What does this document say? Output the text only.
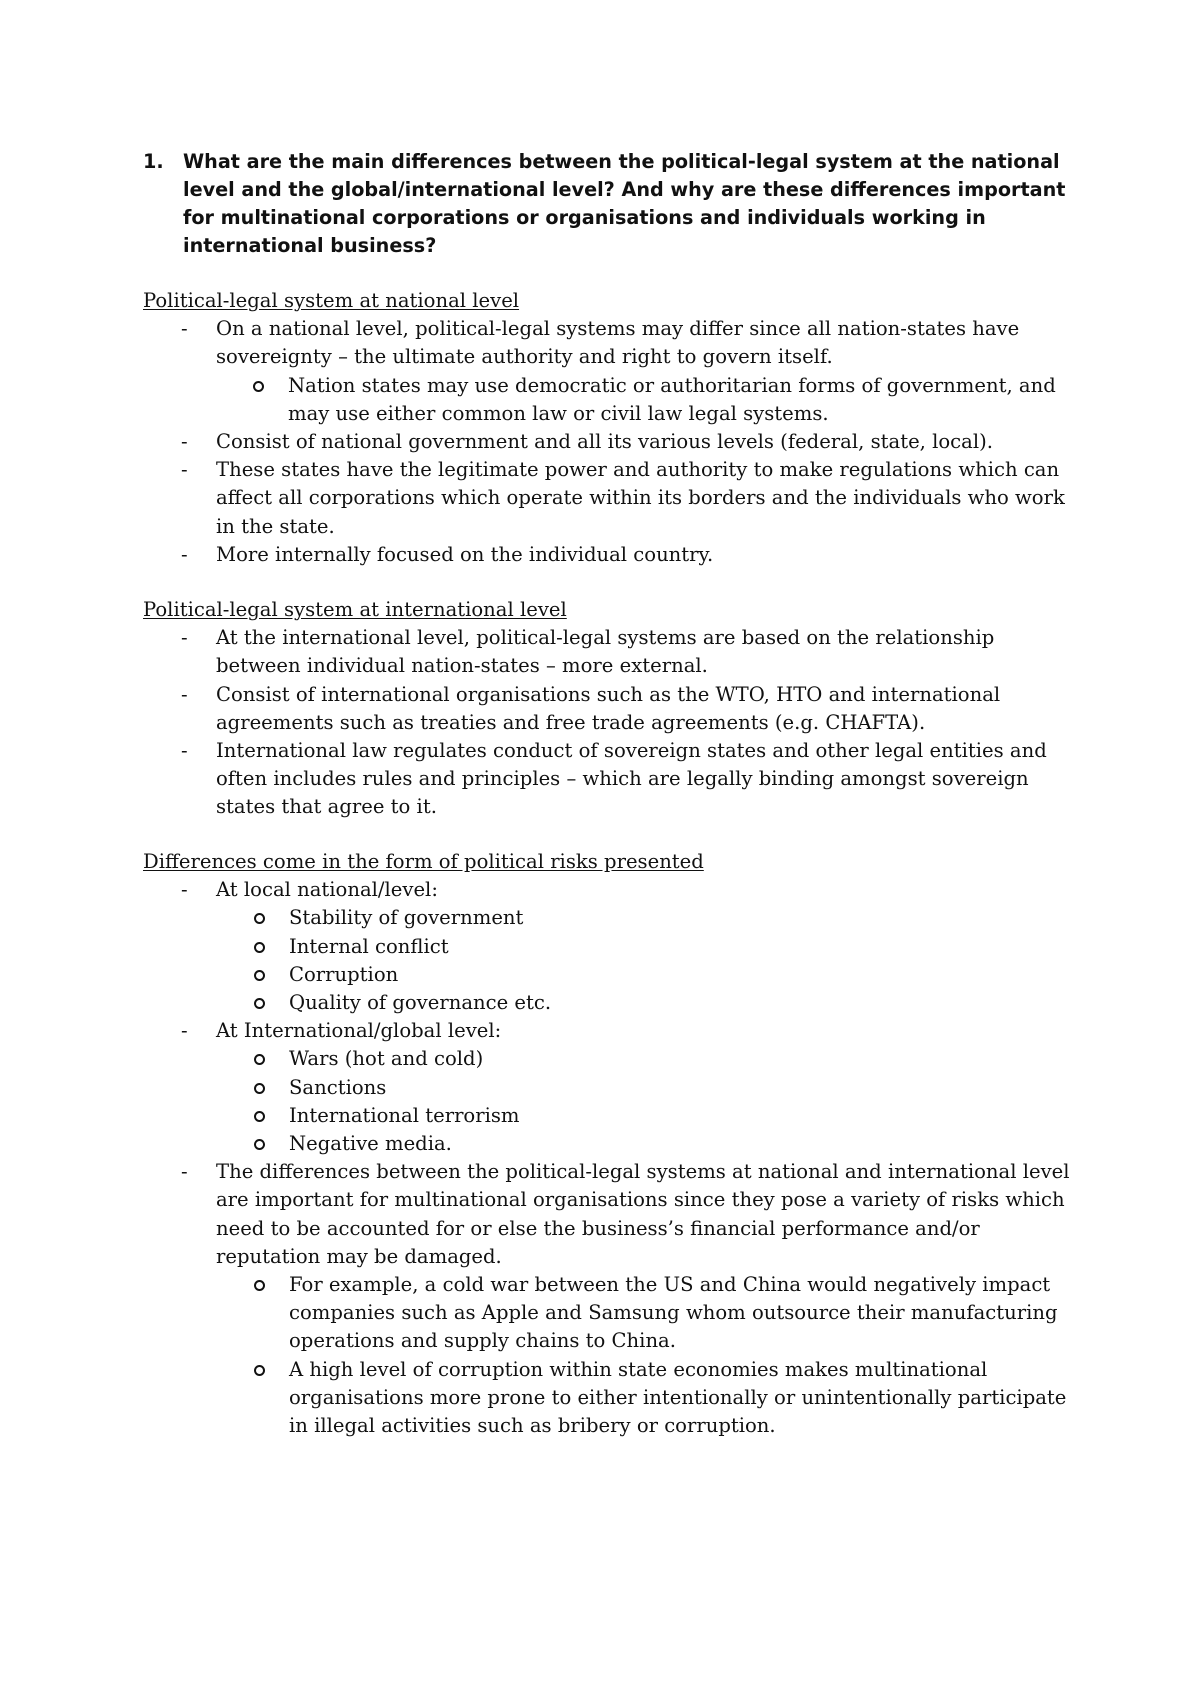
1. What are the main differences between the political-legal system at the national level and the global/international level? And why are these differences important for multinational corporations or organisations and individuals working in international business?
Political-legal system at national level
- On a national level, political-legal systems may differ since all nation-states have sovereignty – the ultimate authority and right to govern itself.
Nation states may use democratic or authoritarian forms of government, and may use either common law or civil law legal systems.
- Consist of national government and all its various levels (federal, state, local).
- These states have the legitimate power and authority to make regulations which can affect all corporations which operate within its borders and the individuals who work in the state.
- More internally focused on the individual country.
Political-legal system at international level
- At the international level, political-legal systems are based on the relationship between individual nation-states – more external.
- Consist of international organisations such as the WTO, HTO and international agreements such as treaties and free trade agreements (e.g. CHAFTA).
- International law regulates conduct of sovereign states and other legal entities and often includes rules and principles – which are legally binding amongst sovereign states that agree to it.
Differences come in the form of political risks presented
- At local national/level:
Stability of government
Internal conflict
Corruption
Quality of governance etc.
- At International/global level:
Wars (hot and cold)
Sanctions
International terrorism
Negative media.
- The differences between the political-legal systems at national and international level are important for multinational organisations since they pose a variety of risks which need to be accounted for or else the business’s financial performance and/or reputation may be damaged.
For example, a cold war between the US and China would negatively impact companies such as Apple and Samsung whom outsource their manufacturing operations and supply chains to China.
A high level of corruption within state economies makes multinational organisations more prone to either intentionally or unintentionally participate in illegal activities such as bribery or corruption.
